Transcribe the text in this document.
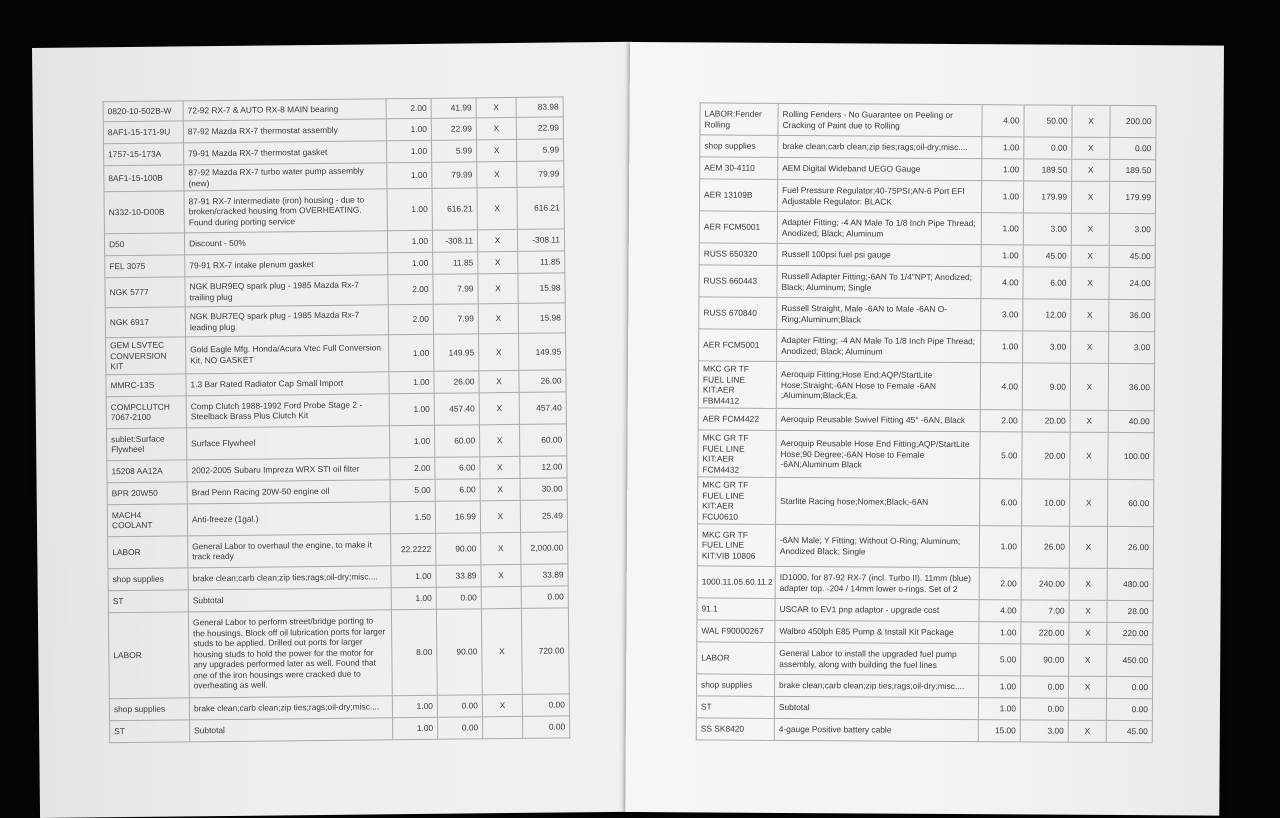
0820-10-502B-W	72-92 RX-7 & AUTO RX-8 MAIN bearing	2.00	41.99	X	83.98
8AF1-15-171-9U	87-92 Mazda RX-7 thermostat assembly	1.00	22.99	X	22.99
1757-15-173A	79-91 Mazda RX-7 thermostat gasket	1.00	5.99	X	5.99
8AF1-15-100B	87-92 Mazda RX-7 turbo water pump assembly (new)	1.00	79.99	X	79.99
N332-10-D00B	87-91 RX-7 intermediate (iron) housing - due to broken/cracked housing from OVERHEATING. Found during porting service	1.00	616.21	X	616.21
D50	Discount - 50%	1.00	-308.11	X	-308.11
FEL 3075	79-91 RX-7 intake plenum gasket	1.00	11.85	X	11.85
NGK 5777	NGK BUR9EQ spark plug - 1985 Mazda Rx-7 trailing plug	2.00	7.99	X	15.98
NGK 6917	NGK BUR7EQ spark plug - 1985 Mazda Rx-7 leading plug	2.00	7.99	X	15.98
GEM LSVTEC CONVERSION KIT	Gold Eagle Mfg. Honda/Acura Vtec Full Conversion Kit, NO GASKET	1.00	149.95	X	149.95
MMRC-13S	1.3 Bar Rated Radiator Cap Small Import	1.00	26.00	X	26.00
COMPCLUTCH 7067-2100	Comp Clutch 1988-1992 Ford Probe Stage 2 - Steelback Brass Plus Clutch Kit	1.00	457.40	X	457.40
sublet:Surface Flywheel	Surface Flywheel	1.00	60.00	X	60.00
15208 AA12A	2002-2005 Subaru Impreza WRX STI oil filter	2.00	6.00	X	12.00
BPR 20W50	Brad Penn Racing 20W-50 engine oil	5.00	6.00	X	30.00
MACH4 COOLANT	Anti-freeze (1gal.)	1.50	16.99	X	25.49
LABOR	General Labor to overhaul the engine, to make it track ready	22.2222	90.00	X	2,000.00
shop supplies	brake clean;carb clean;zip ties;rags;oil-dry;misc....	1.00	33.89	X	33.89
ST	Subtotal	1.00	0.00		0.00
LABOR	General Labor to perform street/bridge porting to the housings. Block off oil lubrication ports for larger studs to be applied. Drilled out ports for larger housing studs to hold the power for the motor for any upgrades performed later as well. Found that one of the iron housings were cracked due to overheating as well.	8.00	90.00	X	720.00
shop supplies	brake clean;carb clean;zip ties;rags;oil-dry;misc....	1.00	0.00	X	0.00
ST	Subtotal	1.00	0.00		0.00
LABOR:Fender Rolling	Rolling Fenders - No Guarantee on Peeling or Cracking of Paint due to Rolling	4.00	50.00	X	200.00
shop supplies	brake clean;carb clean;zip ties;rags;oil-dry;misc....	1.00	0.00	X	0.00
AEM 30-4110	AEM Digital Wideband UEGO Gauge	1.00	189.50	X	189.50
AER 13109B	Fuel Pressure Regulator;40-75PSI;AN-6 Port EFI Adjustable Regulator: BLACK	1.00	179.99	X	179.99
AER FCM5001	Adapter Fitting; -4 AN Male To 1/8 Inch Pipe Thread; Anodized; Black; Aluminum	1.00	3.00	X	3.00
RUSS 650320	Russell 100psi fuel psi gauge	1.00	45.00	X	45.00
RUSS 660443	Russell Adapter Fitting;-6AN To 1/4"NPT; Anodized; Black; Aluminum; Single	4.00	6.00	X	24.00
RUSS 670840	Russell Straight, Male -6AN to Male -6AN O-Ring;Aluminum;Black	3.00	12.00	X	36.00
AER FCM5001	Adapter Fitting; -4 AN Male To 1/8 Inch Pipe Thread; Anodized; Black; Aluminum	1.00	3.00	X	3.00
MKC GR TF FUEL LINE KIT:AER FBM4412	Aeroquip Fitting;Hose End;AQP/StartLite Hose;Straight;-6AN Hose to Female -6AN ;Aluminum;Black;Ea.	4.00	9.00	X	36.00
AER FCM4422	Aeroquip Reusable Swivel Fitting 45° -6AN, Black	2.00	20.00	X	40.00
MKC GR TF FUEL LINE KIT:AER FCM4432	Aeroquip Reusable Hose End Fitting;AQP/StartLite Hose;90 Degree;-6AN Hose to Female -6AN;Aluminum Black	5.00	20.00	X	100.00
MKC GR TF FUEL LINE KIT:AER FCU0610	Starlite Racing hose;Nomex;Black;-6AN	6.00	10.00	X	60.00
MKC GR TF FUEL LINE KIT:VIB 10806	-6AN Male; Y Fitting; Without O-Ring; Aluminum; Anodized Black; Single	1.00	26.00	X	26.00
1000.11.05.60.11.2	ID1000, for 87-92 RX-7 (incl. Turbo II). 11mm (blue) adapter top. -204 / 14mm lower o-rings. Set of 2	2.00	240.00	X	480.00
91.1	USCAR to EV1 pnp adaptor - upgrade cost	4.00	7.00	X	28.00
WAL F90000267	Walbro 450lph E85 Pump & Install Kit Package	1.00	220.00	X	220.00
LABOR	General Labor to install the upgraded fuel pump assembly, along with building the fuel lines	5.00	90.00	X	450.00
shop supplies	brake clean;carb clean;zip ties;rags;oil-dry;misc....	1.00	0.00	X	0.00
ST	Subtotal	1.00	0.00		0.00
SS SK8420	4-gauge Positive battery cable	15.00	3.00	X	45.00
